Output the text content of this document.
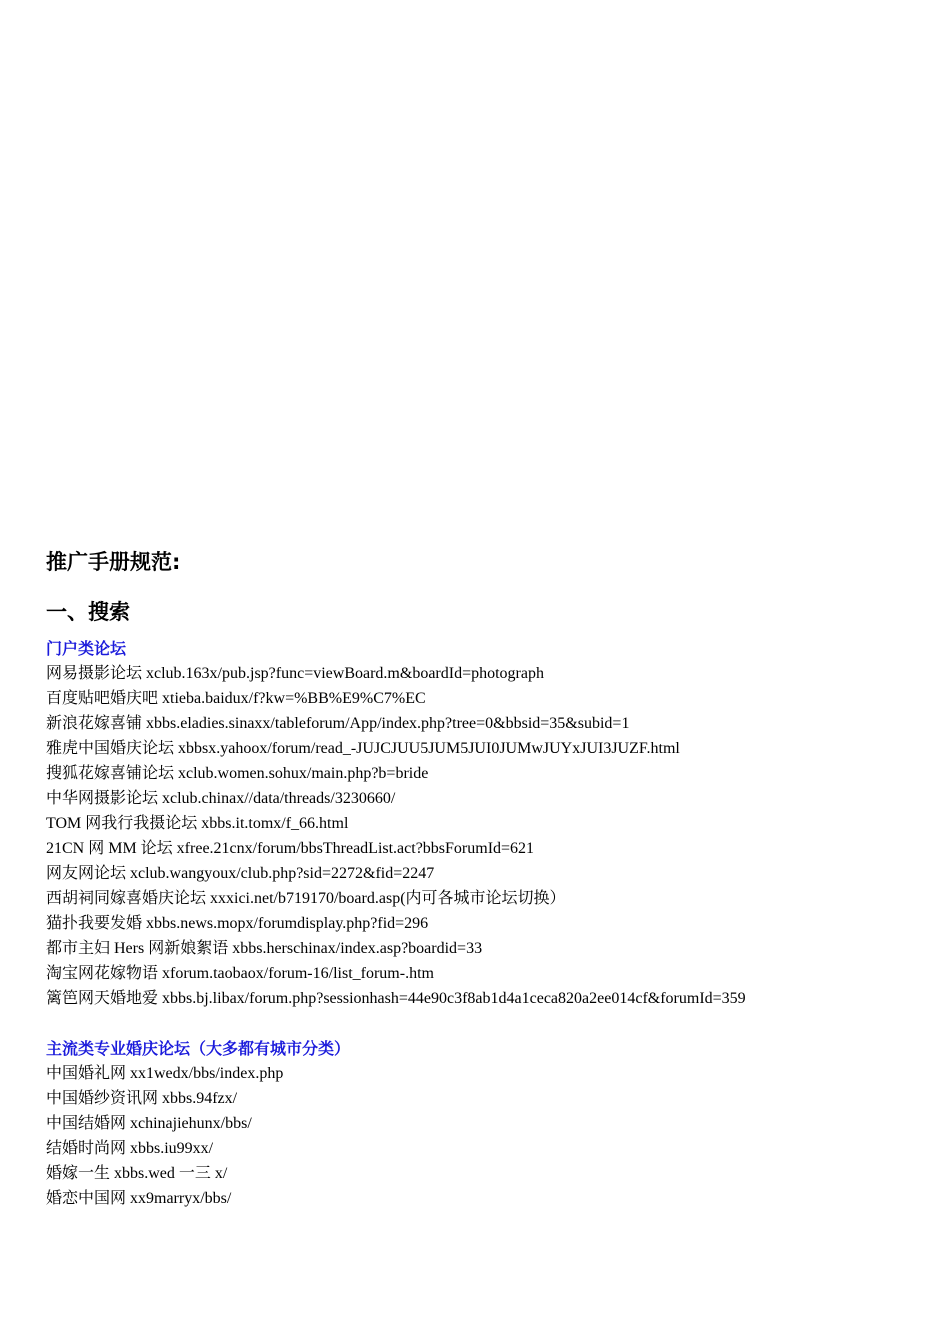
推广手册规范:
一、搜索
门户类论坛
网易摄影论坛 xclub.163x/pub.jsp?func=viewBoard.m&boardId=photograph
百度贴吧婚庆吧 xtieba.baidux/f?kw=%BB%E9%C7%EC
新浪花嫁喜铺 xbbs.eladies.sinaxx/tableforum/App/index.php?tree=0&bbsid=35&subid=1
雅虎中国婚庆论坛 xbbsx.yahoox/forum/read_-JUJCJUU5JUM5JUI0JUMwJUYxJUI3JUZF.html
搜狐花嫁喜铺论坛 xclub.women.sohux/main.php?b=bride
中华网摄影论坛 xclub.chinax//data/threads/3230660/
TOM 网我行我摄论坛 xbbs.it.tomx/f_66.html
21CN 网 MM 论坛 xfree.21cnx/forum/bbsThreadList.act?bbsForumId=621
网友网论坛 xclub.wangyoux/club.php?sid=2272&fid=2247
西胡祠同嫁喜婚庆论坛 xxxici.net/b719170/board.asp(内可各城市论坛切换）
猫扑我要发婚 xbbs.news.mopx/forumdisplay.php?fid=296
都市主妇 Hers 网新娘絮语 xbbs.herschinax/index.asp?boardid=33
淘宝网花嫁物语 xforum.taobaox/forum-16/list_forum-.htm
篱笆网天婚地爱 xbbs.bj.libax/forum.php?sessionhash=44e90c3f8ab1d4a1ceca820a2ee014cf&forumId=359
主流类专业婚庆论坛（大多都有城市分类）
中国婚礼网 xx1wedx/bbs/index.php
中国婚纱资讯网 xbbs.94fzx/
中国结婚网 xchinajiehunx/bbs/
结婚时尚网 xbbs.iu99xx/
婚嫁一生 xbbs.wed 一三 x/
婚恋中国网 xx9marryx/bbs/
